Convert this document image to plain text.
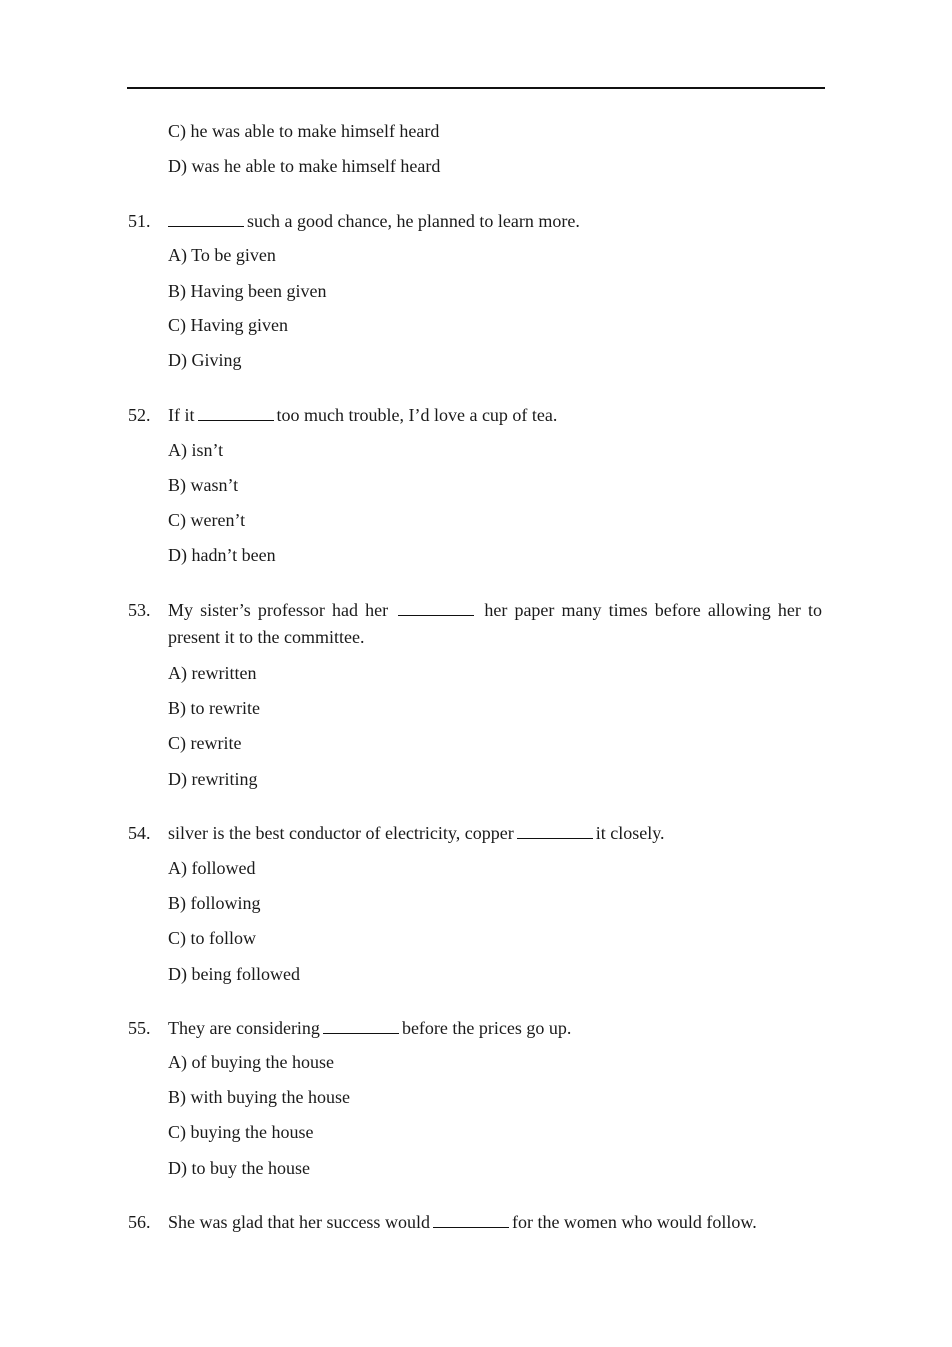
C) he was able to make himself heard
D) was he able to make himself heard
51.	such a good chance, he planned to learn more.
A) To be given
B) Having been given
C) Having given
D) Giving
52. If it	too much trouble, I’d love a cup of tea.
A) isn’t
B) wasn’t
C) weren’t
D) hadn’t been
53. My sister’s professor had her	her paper many times before allowing her to
present it to the committee.
A) rewritten
B) to rewrite
C) rewrite
D) rewriting
54. silver is the best conductor of electricity, copper	it closely.
A) followed
B) following
C) to follow
D) being followed
55. They are considering	before the prices go up.
A) of buying the house
B) with buying the house
C) buying the house
D) to buy the house
56. She was glad that her success would	for the women who would follow.
